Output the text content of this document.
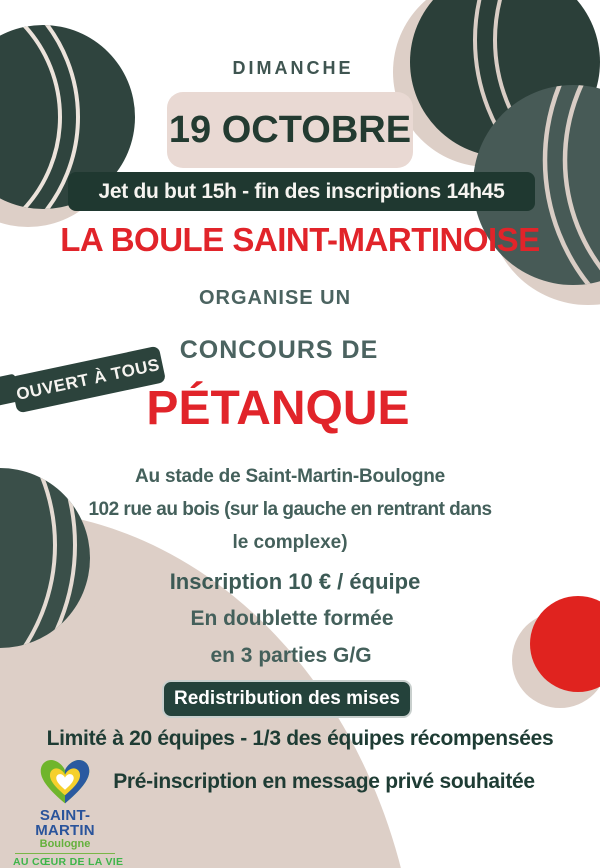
DIMANCHE
19 OCTOBRE
Jet du but 15h - fin des inscriptions 14h45
LA BOULE SAINT-MARTINOISE
ORGANISE UN
CONCOURS DE
OUVERT À TOUS
PÉTANQUE
Au stade de Saint-Martin-Boulogne
102 rue au bois (sur la gauche en rentrant dans
le complexe)
Inscription 10 € / équipe
En doublette formée
en 3 parties G/G
Redistribution des mises
Limité à 20 équipes - 1/3 des équipes récompensées
Pré-inscription en message privé souhaitée
SAINT-MARTIN
Boulogne
AU CŒUR DE LA VIE
